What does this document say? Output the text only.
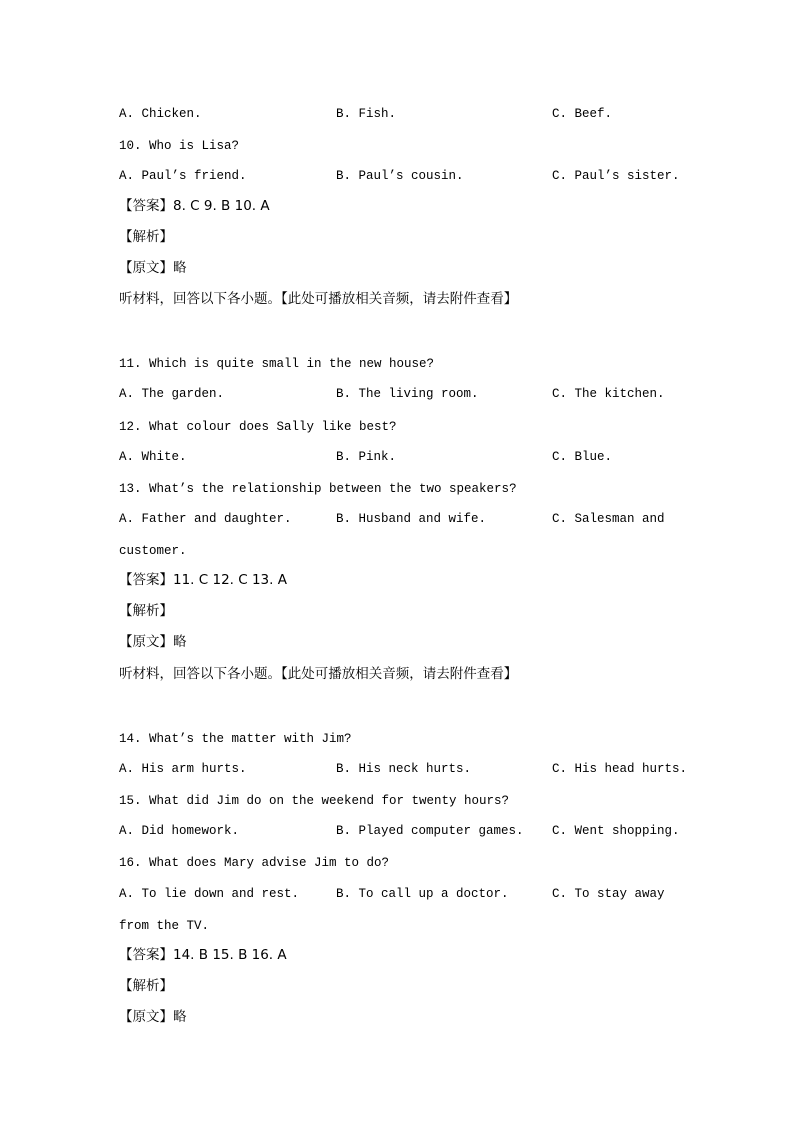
A. Chicken.	B. Fish.	C. Beef.
10. Who is Lisa?
A. Paul’s friend.	B. Paul’s cousin.	C. Paul’s sister.
【答案】8. C 9. B 10. A
【解析】
【原文】略
听材料，回答以下各小题。【此处可播放相关音频，请去附件查看】
11. Which is quite small in the new house?
A. The garden.	B. The living room.	C. The kitchen.
12. What colour does Sally like best?
A. White.	B. Pink.	C. Blue.
13. What’s the relationship between the two speakers?
A. Father and daughter.	B. Husband and wife.	C. Salesman and
customer.
【答案】11. C 12. C 13. A
【解析】
【原文】略
听材料，回答以下各小题。【此处可播放相关音频，请去附件查看】
14. What’s the matter with Jim?
A. His arm hurts.	B. His neck hurts.	C. His head hurts.
15. What did Jim do on the weekend for twenty hours?
A. Did homework.	B. Played computer games. C. Went shopping.
16. What does Mary advise Jim to do?
A. To lie down and rest.	B. To call up a doctor.	C. To stay away
from the TV.
【答案】14. B 15. B 16. A
【解析】
【原文】略
